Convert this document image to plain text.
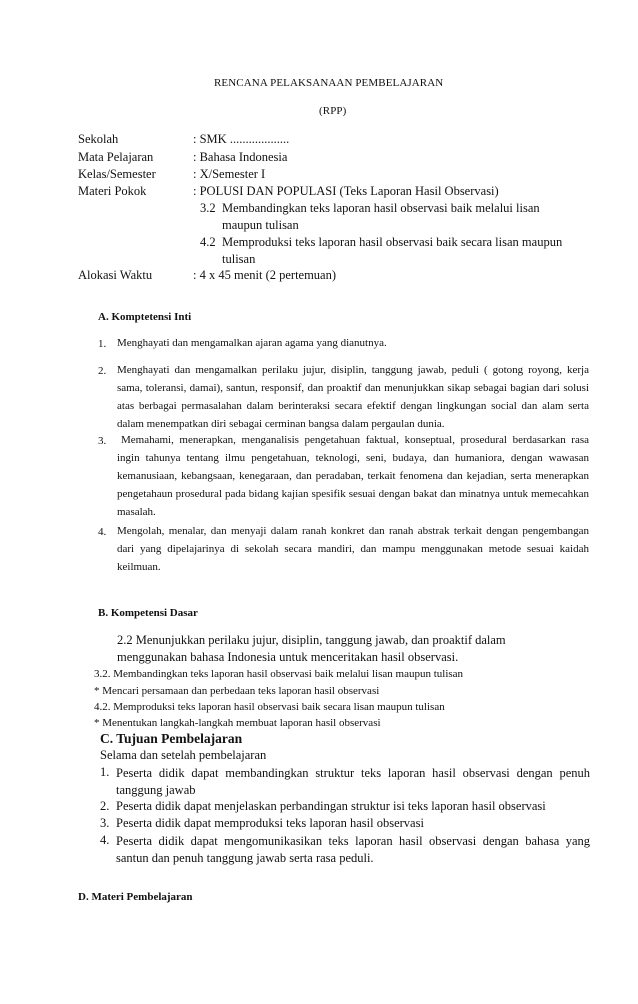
RENCANA PELAKSANAAN PEMBELAJARAN
(RPP)
Sekolah	: SMK ...................
Mata Pelajaran	: Bahasa Indonesia
Kelas/Semester	: X/Semester I
Materi Pokok	: POLUSI DAN POPULASI (Teks Laporan Hasil Observasi)
3.2 Membandingkan teks laporan hasil observasi baik melalui lisan
maupun tulisan
4.2 Memproduksi teks laporan hasil observasi baik secara lisan maupun
tulisan
Alokasi Waktu	: 4 x 45 menit (2 pertemuan)
A. Komptetensi Inti
1. Menghayati dan mengamalkan ajaran agama yang dianutnya.
2. Menghayati dan mengamalkan perilaku jujur, disiplin, tanggung jawab, peduli ( gotong royong, kerja sama, toleransi, damai), santun, responsif, dan proaktif dan menunjukkan sikap sebagai bagian dari solusi atas berbagai permasalahan dalam berinteraksi secara efektif dengan lingkungan social dan alam serta dalam menempatkan diri sebagai cerminan bangsa dalam pergaulan dunia.
3.	Memahami, menerapkan, menganalisis pengetahuan faktual, konseptual, prosedural berdasarkan rasa ingin tahunya tentang ilmu pengetahuan, teknologi, seni, budaya, dan humaniora, dengan wawasan kemanusiaan, kebangsaan, kenegaraan, dan peradaban, terkait fenomena dan kejadian, serta menerapkan pengetahaun prosedural pada bidang kajian spesifik sesuai dengan bakat dan minatnya untuk memecahkan masalah.
4. Mengolah, menalar, dan menyaji dalam ranah konkret dan ranah abstrak terkait dengan pengembangan dari yang dipelajarinya di sekolah secara mandiri, dan mampu menggunakan metode sesuai kaidah keilmuan.
B. Kompetensi Dasar
2.2 Menunjukkan perilaku jujur, disiplin, tanggung jawab, dan proaktif dalam menggunakan bahasa Indonesia untuk menceritakan hasil observasi.
3.2. Membandingkan teks laporan hasil observasi baik melalui lisan maupun tulisan
* Mencari persamaan dan perbedaan teks laporan hasil observasi
4.2. Memproduksi teks laporan hasil observasi baik secara lisan maupun tulisan
* Menentukan langkah-langkah membuat laporan hasil observasi
C. Tujuan Pembelajaran
Selama dan setelah pembelajaran
1. Peserta didik dapat membandingkan struktur teks laporan hasil observasi dengan penuh tanggung jawab
2. Peserta didik dapat menjelaskan perbandingan struktur isi teks laporan hasil observasi
3. Peserta didik dapat memproduksi teks laporan hasil observasi
4. Peserta didik dapat mengomunikasikan teks laporan hasil observasi dengan bahasa yang santun dan penuh tanggung jawab serta rasa peduli.
D. Materi Pembelajaran
